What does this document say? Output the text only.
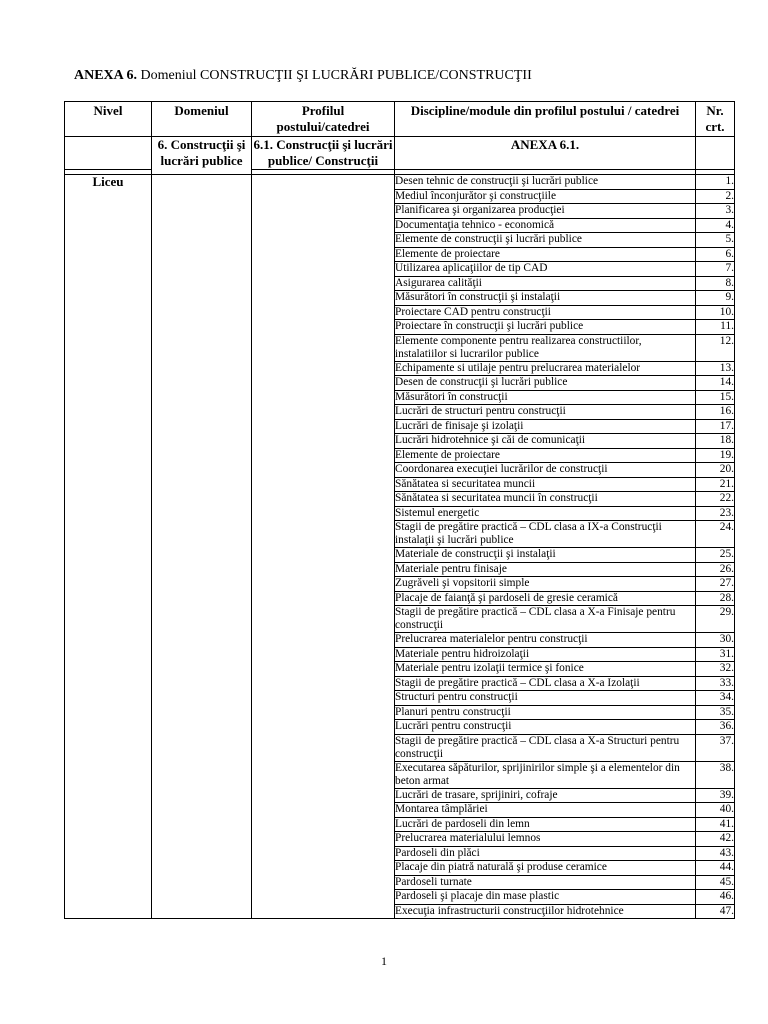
ANEXA 6. Domeniul CONSTRUCŢII ŞI LUCRĂRI PUBLICE/CONSTRUCŢII
Nivel	Domeniul	Profilul postului/catedrei	Discipline/module din profilul postului / catedrei	Nr. crt.
	6. Construcţii şi lucrări publice	6.1. Construcţii şi lucrări publice/ Construcţii	ANEXA 6.1.	

Liceu			Desen tehnic de construcţii şi lucrări publice	1.
			Mediul înconjurător şi construcţiile	2.
			Planificarea şi organizarea producţiei	3.
			Documentaţia tehnico - economică	4.
			Elemente de construcţii şi lucrări publice	5.
			Elemente de proiectare	6.
			Utilizarea aplicaţiilor de tip CAD	7.
			Asigurarea calităţii	8.
			Măsurători în construcţii şi instalaţii	9.
			Proiectare CAD pentru construcţii	10.
			Proiectare în construcţii şi lucrări publice	11.
			Elemente componente pentru realizarea constructiilor, instalatiilor si lucrarilor publice	12.
			Echipamente si utilaje pentru prelucrarea materialelor	13.
			Desen de construcţii şi lucrări publice	14.
			Măsurători în construcţii	15.
			Lucrări de structuri pentru construcţii	16.
			Lucrări de finisaje şi izolaţii	17.
			Lucrări hidrotehnice şi căi de comunicaţii	18.
			Elemente de proiectare	19.
			Coordonarea execuţiei lucrărilor de construcţii	20.
			Sănătatea si securitatea muncii	21.
			Sănătatea si securitatea muncii în construcţii	22.
			Sistemul energetic	23.
			Stagii de pregătire practică – CDL clasa a IX-a Construcţii instalaţii şi lucrări publice	24.
			Materiale de construcţii şi instalaţii	25.
			Materiale pentru finisaje	26.
			Zugrăveli şi vopsitorii simple	27.
			Placaje de faianţă şi pardoseli de gresie ceramică	28.
			Stagii de pregătire practică – CDL clasa a X-a Finisaje pentru construcţii	29.
			Prelucrarea materialelor pentru construcţii	30.
			Materiale pentru hidroizolaţii	31.
			Materiale pentru izolaţii termice şi fonice	32.
			Stagii de pregătire practică – CDL clasa a X-a Izolaţii	33.
			Structuri pentru construcţii	34.
			Planuri pentru construcţii	35.
			Lucrări pentru construcţii	36.
			Stagii de pregătire practică – CDL clasa a X-a Structuri pentru construcţii	37.
			Executarea săpăturilor, sprijinirilor simple şi a elementelor din beton armat	38.
			Lucrări de trasare, sprijiniri, cofraje	39.
			Montarea tâmplăriei	40.
			Lucrări de pardoseli din lemn	41.
			Prelucrarea materialului lemnos	42.
			Pardoseli din plăci	43.
			Placaje din piatră naturală şi produse ceramice	44.
			Pardoseli turnate	45.
			Pardoseli şi placaje din mase plastic	46.
			Execuţia infrastructurii construcţiilor hidrotehnice	47.
1
